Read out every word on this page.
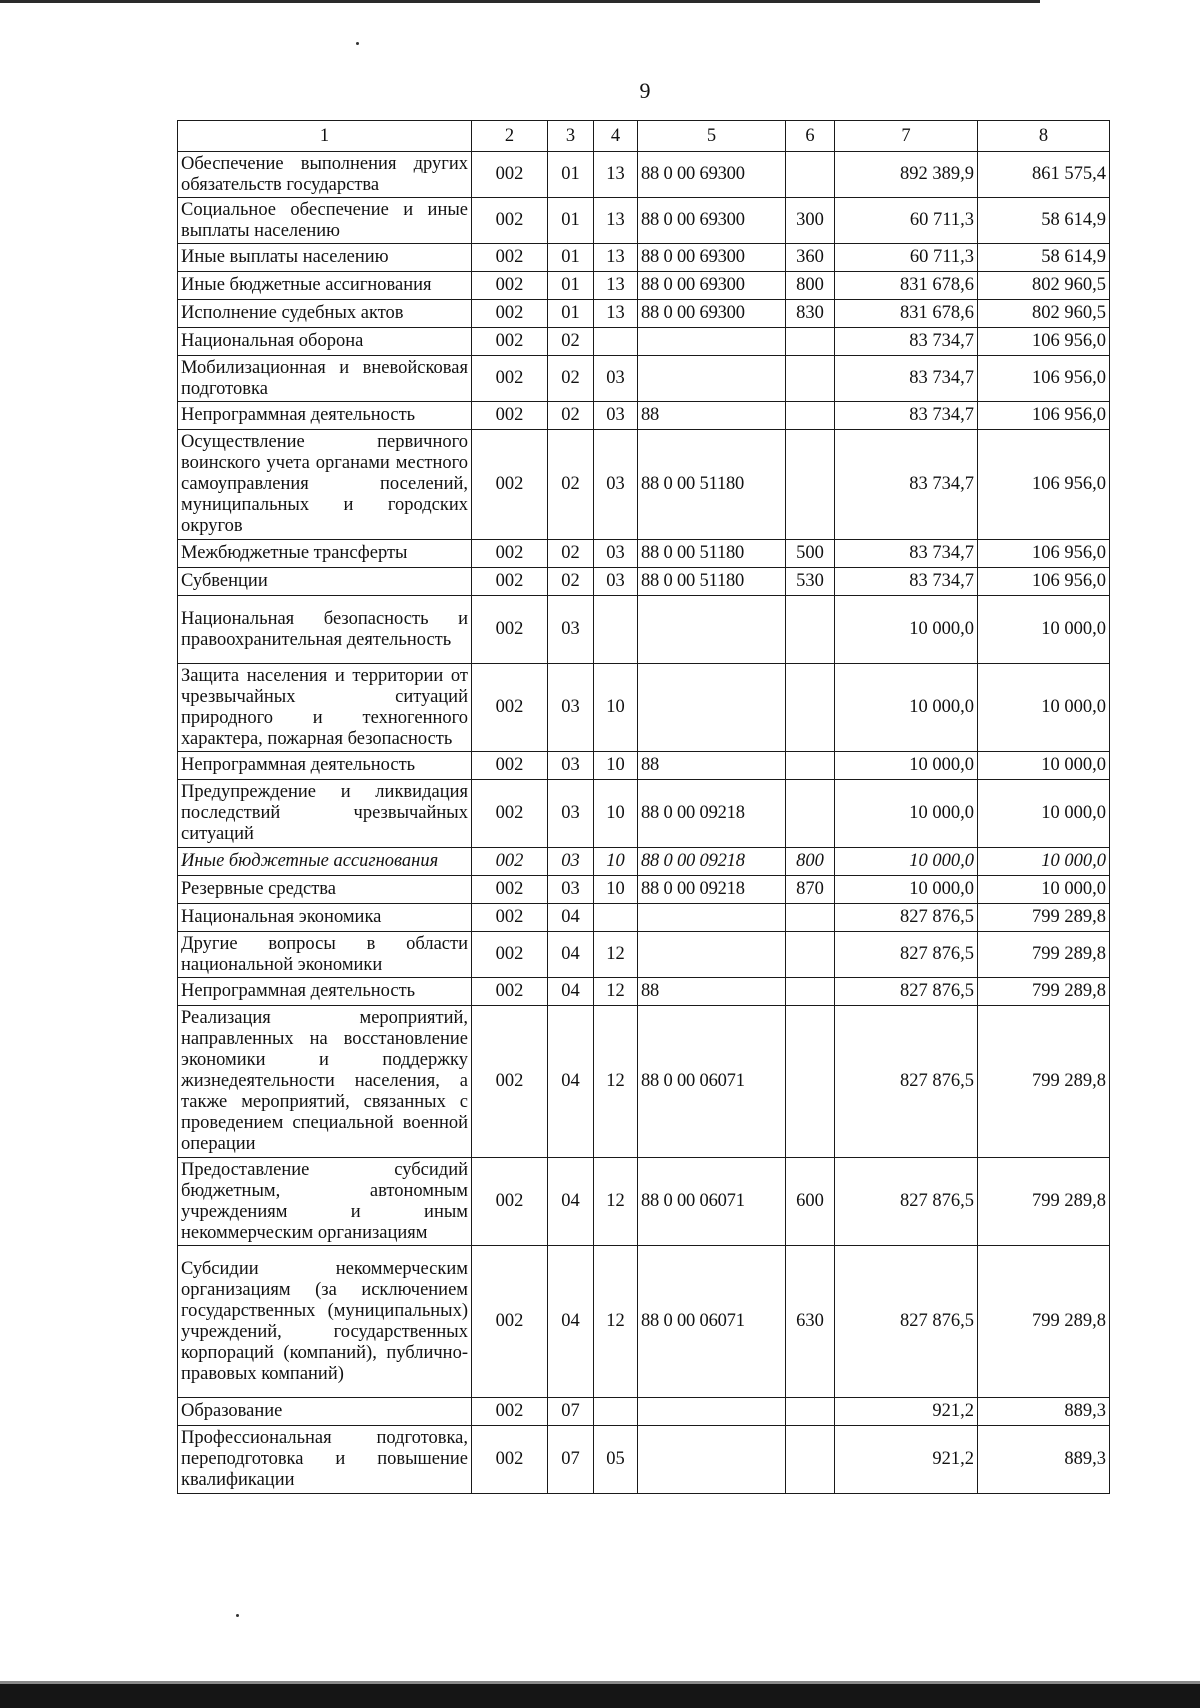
9
1	2	3	4	5	6	7	8
Обеспечение выполнения других обязательств государства	002	01	13	88 0 00 69300		892 389,9	861 575,4
Социальное обеспечение и иные выплаты населению	002	01	13	88 0 00 69300	300	60 711,3	58 614,9
Иные выплаты населению	002	01	13	88 0 00 69300	360	60 711,3	58 614,9
Иные бюджетные ассигнования	002	01	13	88 0 00 69300	800	831 678,6	802 960,5
Исполнение судебных актов	002	01	13	88 0 00 69300	830	831 678,6	802 960,5
Национальная оборона	002	02				83 734,7	106 956,0
Мобилизационная и вневойсковая подготовка	002	02	03			83 734,7	106 956,0
Непрограммная деятельность	002	02	03	88		83 734,7	106 956,0
Осуществление первичного воинского учета органами местного самоуправления поселений, муниципальных и городских округов	002	02	03	88 0 00 51180		83 734,7	106 956,0
Межбюджетные трансферты	002	02	03	88 0 00 51180	500	83 734,7	106 956,0
Субвенции	002	02	03	88 0 00 51180	530	83 734,7	106 956,0
Национальная безопасность и правоохранительная деятельность	002	03				10 000,0	10 000,0
Защита населения и территории от чрезвычайных ситуаций природного и техногенного характера, пожарная безопасность	002	03	10			10 000,0	10 000,0
Непрограммная деятельность	002	03	10	88		10 000,0	10 000,0
Предупреждение и ликвидация последствий чрезвычайных ситуаций	002	03	10	88 0 00 09218		10 000,0	10 000,0
Иные бюджетные ассигнования	002	03	10	88 0 00 09218	800	10 000,0	10 000,0
Резервные средства	002	03	10	88 0 00 09218	870	10 000,0	10 000,0
Национальная экономика	002	04				827 876,5	799 289,8
Другие вопросы в области национальной экономики	002	04	12			827 876,5	799 289,8
Непрограммная деятельность	002	04	12	88		827 876,5	799 289,8
Реализация мероприятий, направленных на восстановление экономики и поддержку жизнедеятельности населения, а также мероприятий, связанных с проведением специальной военной операции	002	04	12	88 0 00 06071		827 876,5	799 289,8
Предоставление субсидий бюджетным, автономным учреждениям и иным некоммерческим организациям	002	04	12	88 0 00 06071	600	827 876,5	799 289,8
Субсидии некоммерческим организациям (за исключением государственных (муниципальных) учреждений, государственных корпораций (компаний), публично-правовых компаний)	002	04	12	88 0 00 06071	630	827 876,5	799 289,8
Образование	002	07				921,2	889,3
Профессиональная подготовка, переподготовка и повышение квалификации	002	07	05			921,2	889,3
